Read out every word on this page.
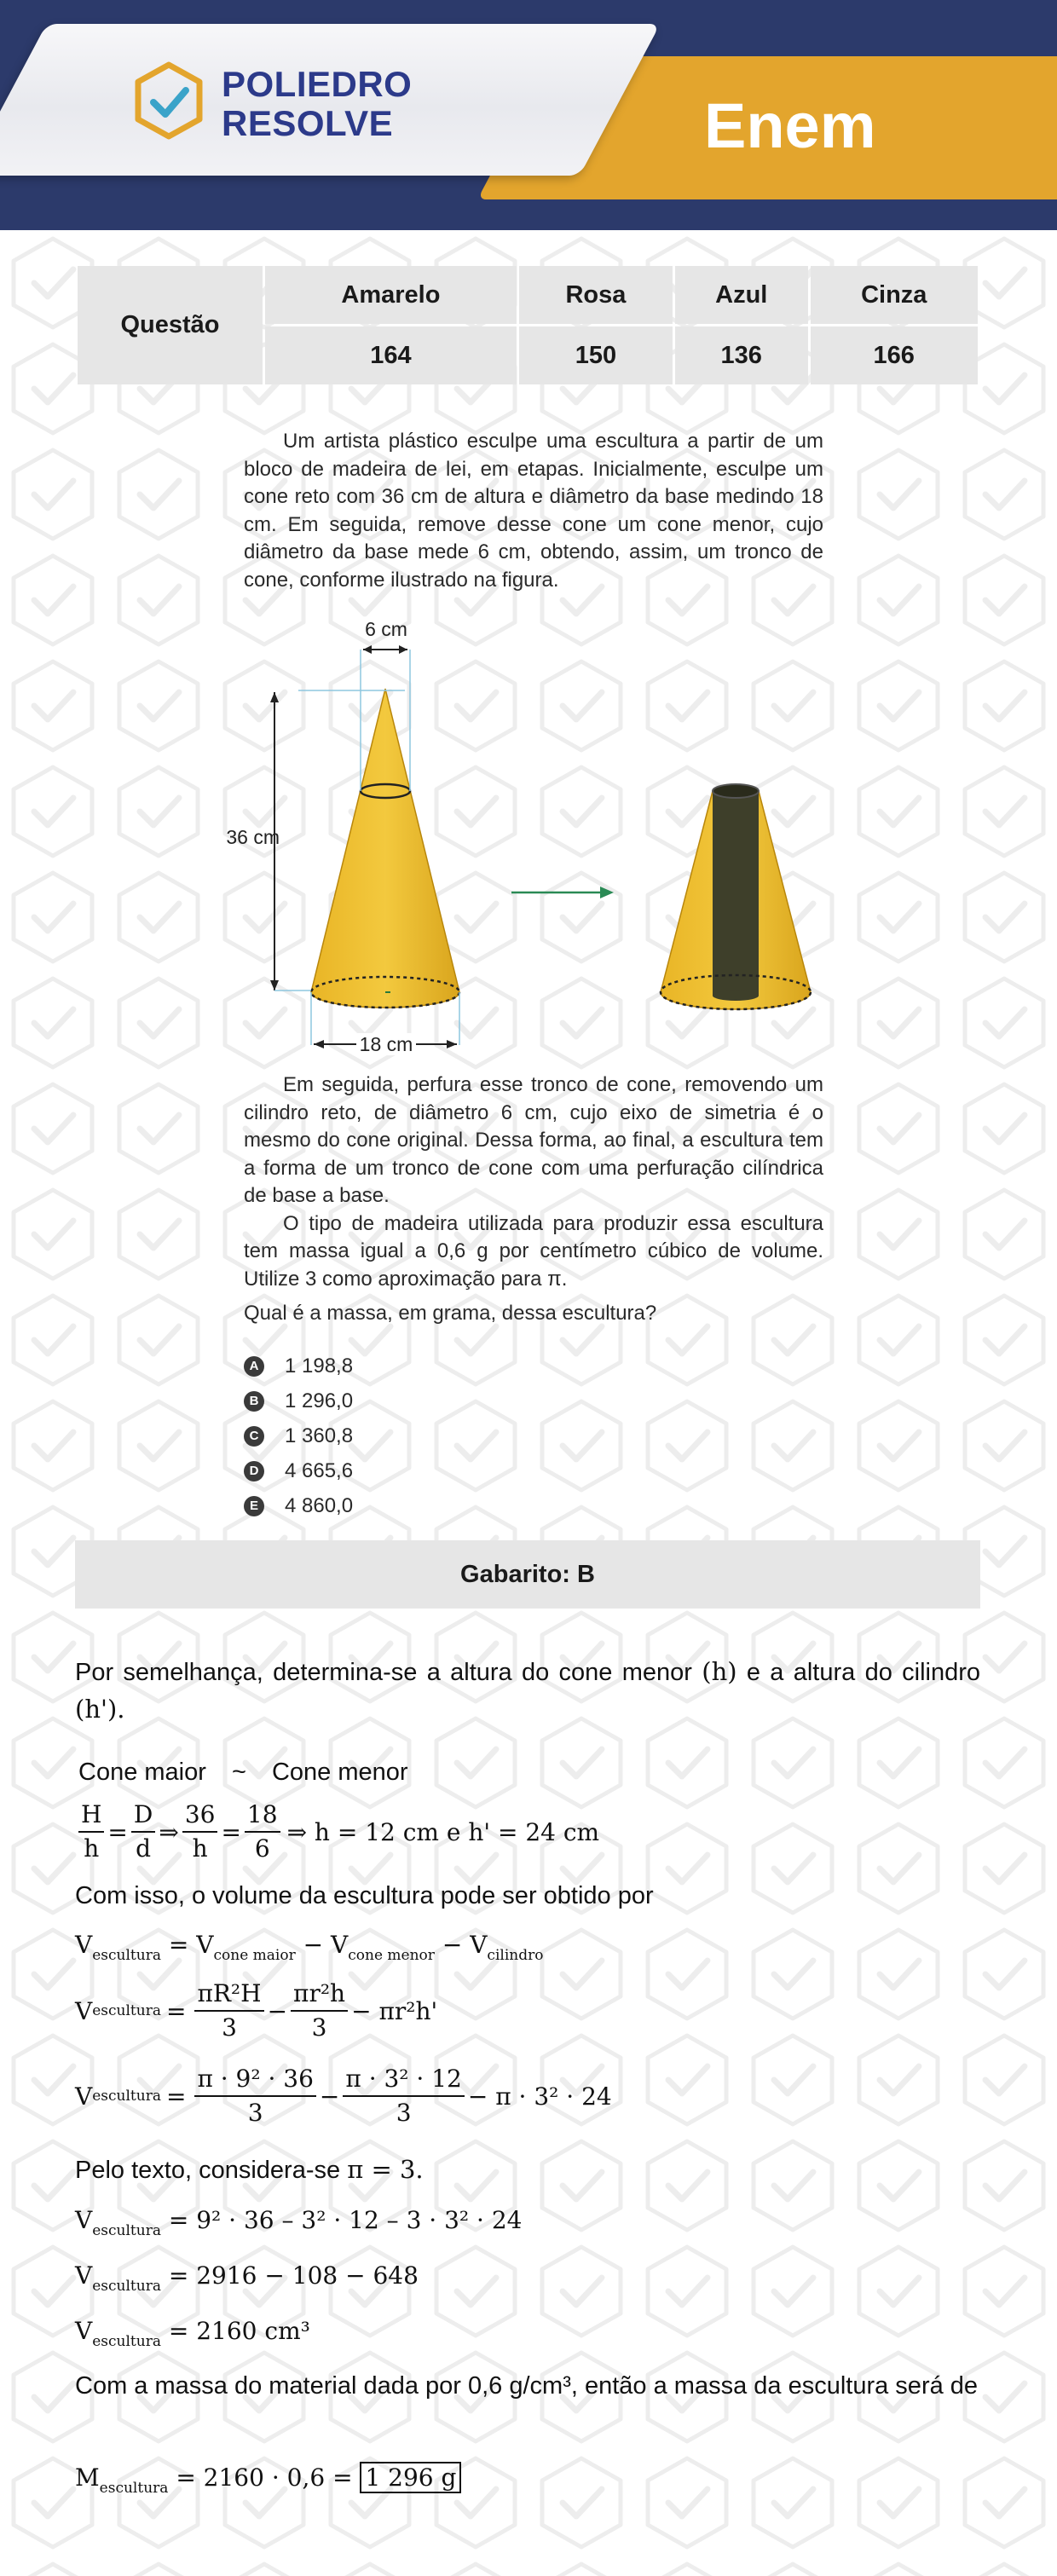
POLIEDRO
RESOLVE	Enem
Questão	Amarelo	Rosa	Azul	Cinza
	164	150	136	166

Um artista plástico esculpe uma escultura a partir de um bloco de madeira de lei, em etapas. Inicialmente, esculpe um cone reto com 36 cm de altura e diâmetro da base medindo 18 cm. Em seguida, remove desse cone um cone menor, cujo diâmetro da base mede 6 cm, obtendo, assim, um tronco de cone, conforme ilustrado na figura.

6 cm
36 cm
18 cm

Em seguida, perfura esse tronco de cone, removendo um cilindro reto, de diâmetro 6 cm, cujo eixo de simetria é o mesmo do cone original. Dessa forma, ao final, a escultura tem a forma de um tronco de cone com uma perfuração cilíndrica de base a base.

O tipo de madeira utilizada para produzir essa escultura tem massa igual a 0,6 g por centímetro cúbico de volume. Utilize 3 como aproximação para π.

Qual é a massa, em grama, dessa escultura?
A 1 198,8
B 1 296,0
C 1 360,8
D 4 665,6
E 4 860,0
Gabarito: B
Por semelhança, determina-se a altura do cone menor (h) e a altura do cilindro (h').
Cone maior ~ Cone menor
$\frac{H}{h} = \frac{D}{d}$ ⇒ $\frac{36}{h} = \frac{18}{6}$ ⇒ h = 12 cm e h' = 24 cm
Com isso, o volume da escultura pode ser obtido por
$V_{escultura} = V_{cone maior} - V_{cone menor} - V_{cilindro}$
V escultura = $\frac{\text{πR²H}}{3} - \frac{\text{πr²h}}{3} - \pi r^2h'$
V escultura = $\frac{\text{π · 9² · 36}}{3} - \frac{\text{π · 3² · 12}}{3} - \pi \cdot 3^2 \cdot 24$
Pelo texto, considera-se π = 3.
$V_{escultura} = 9^2 \cdot 36 - 3^2 \cdot 12 - 3 \cdot 3^2 \cdot 24$
$V_{escultura} = 2916 - 108 - 648$
$V_{escultura} = 2160$ cm³
Com a massa do material dada por 0,6 g/cm³, então a massa da escultura será de
$M_{escultura} = 2160 \cdot 0,6 = 1$ 296 g
